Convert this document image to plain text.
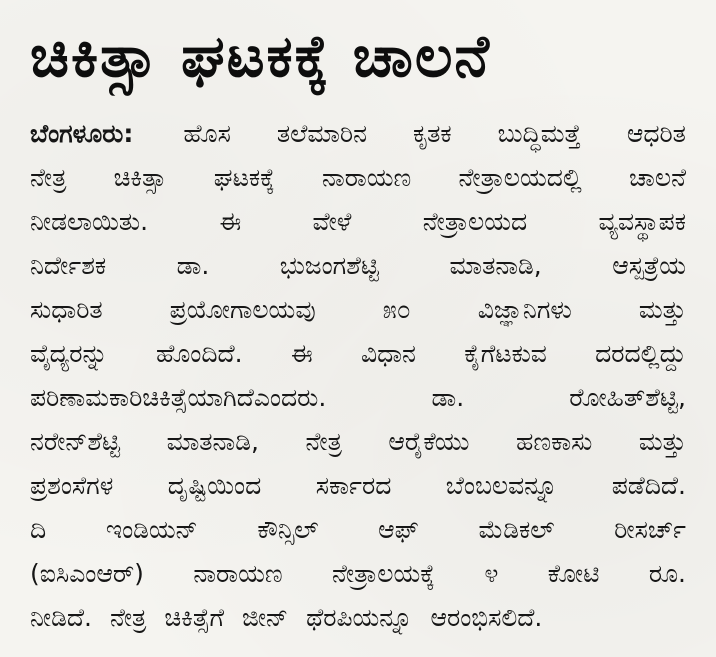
ಚಿಕಿತ್ಸಾ ಘಟಕಕ್ಕೆ ಚಾಲನೆ
ಬೆಂಗಳೂರು: ಹೊಸ ತಲೆಮಾರಿನ ಕೃತಕ ಬುದ್ಧಿಮತ್ತೆ ಆಧರಿತ
ನೇತ್ರ ಚಿಕಿತ್ಸಾ ಘಟಕಕ್ಕೆ ನಾರಾಯಣ ನೇತ್ರಾಲಯದಲ್ಲಿ ಚಾಲನೆ
ನೀಡಲಾಯಿತು.	ಈ	ವೇಳೆ	ನೇತ್ರಾಲಯದ	ವ್ಯವಸ್ಥಾಪಕ
ನಿರ್ದೇಶಕ	ಡಾ.	ಭುಜಂಗಶೆಟ್ಟಿ	ಮಾತನಾಡಿ,	ಆಸ್ಪತ್ರೆಯ
ಸುಧಾರಿತ	ಪ್ರಯೋಗಾಲಯವು	೫೦	ವಿಜ್ಞಾನಿಗಳು	ಮತ್ತು
ವೈದ್ಯರನ್ನು ಹೊಂದಿದೆ. ಈ ವಿಧಾನ ಕೈಗೆಟಕುವ ದರದಲ್ಲಿದ್ದು
ಪರಿಣಾಮಕಾರಿಚಿಕಿತ್ಸೆಯಾಗಿದೆಎಂದರು.	ಡಾ.	ರೋಹಿತ್‌ಶೆಟ್ಟಿ,
ನರೇನ್‌ಶೆಟ್ಟಿ ಮಾತನಾಡಿ, ನೇತ್ರ ಆರೈಕೆಯು ಹಣಕಾಸು ಮತ್ತು
ಪ್ರಶಂಸೆಗಳ ದೃಷ್ಟಿಯಿಂದ ಸರ್ಕಾರದ ಬೆಂಬಲವನ್ನೂ ಪಡೆದಿದೆ.
ದಿ ಇಂಡಿಯನ್ ಕೌನ್ಸಿಲ್ ಆಫ್ ಮೆಡಿಕಲ್ ರೀಸರ್ಚ್
(ಐಸಿಎಂಆರ್) ನಾರಾಯಣ ನೇತ್ರಾಲಯಕ್ಕೆ ೪ ಕೋಟಿ ರೂ.
ನೀಡಿದೆ. ನೇತ್ರ ಚಿಕಿತ್ಸೆಗೆ ಜೀನ್ ಥೆರಪಿಯನ್ನೂ ಆರಂಭಿಸಲಿದೆ.
